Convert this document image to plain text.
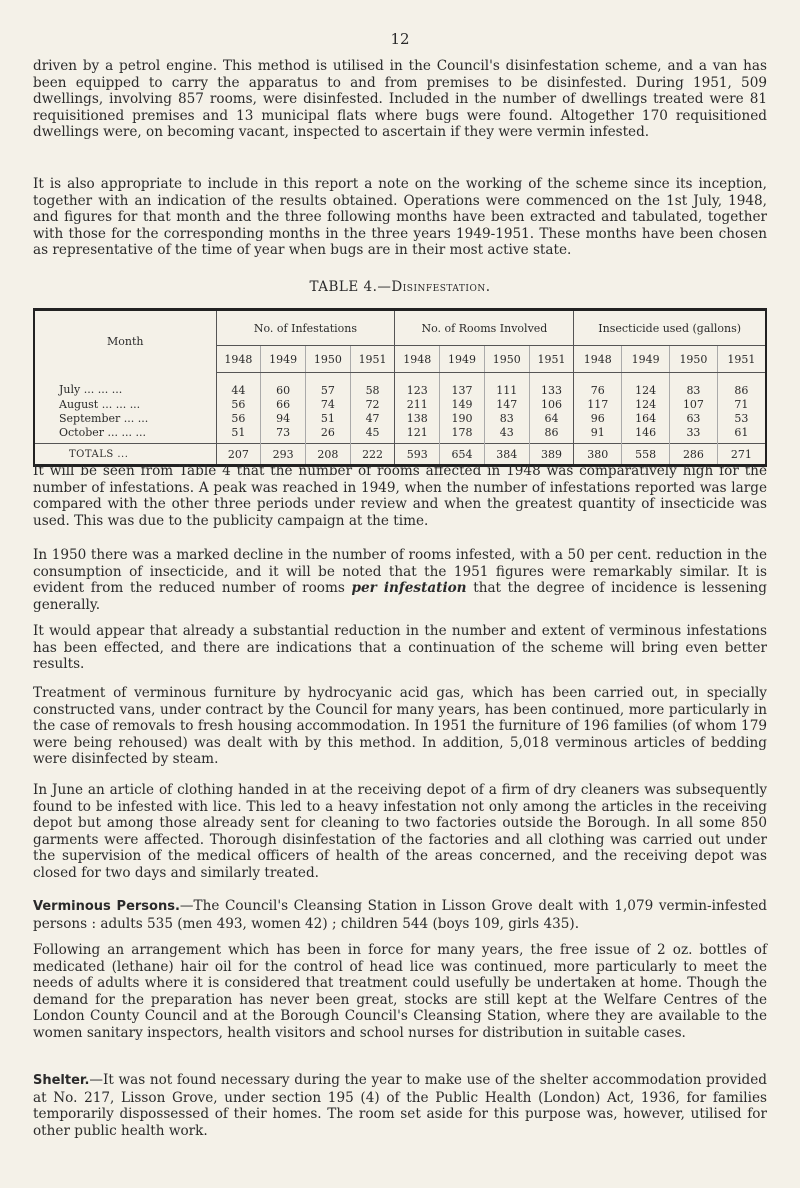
12

driven by a petrol engine. This method is utilised in the Council's disinfestation scheme, and a van has been equipped to carry the apparatus to and from premises to be disinfested. During 1951, 509 dwellings, involving 857 rooms, were disinfested. Included in the number of dwellings treated were 81 requisitioned premises and 13 municipal flats where bugs were found. Altogether 170 requisitioned dwellings were, on becoming vacant, inspected to ascertain if they were vermin infested.

It is also appropriate to include in this report a note on the working of the scheme since its inception, together with an indication of the results obtained. Operations were commenced on the 1st July, 1948, and figures for that month and the three following months have been extracted and tabulated, together with those for the corresponding months in the three years 1949-1951. These months have been chosen as representative of the time of year when bugs are in their most active state.

TABLE 4.—Disinfestation.
Month	No. of Infestations				No. of Rooms Involved				Insecticide used (gallons)			
	1948	1949	1950	1951	1948	1949	1950	1951	1948	1949	1950	1951
July ... ... ...	44	60	57	58	123	137	111	133	76	124	83	86
August ... ... ...	56	66	74	72	211	149	147	106	117	124	107	71
September ... ...	56	94	51	47	138	190	83	64	96	164	63	53
October ... ... ...	51	73	26	45	121	178	43	86	91	146	33	61
TOTALS ...	207	293	208	222	593	654	384	389	380	558	286	271

It will be seen from Table 4 that the number of rooms affected in 1948 was comparatively high for the number of infestations. A peak was reached in 1949, when the number of infestations reported was large compared with the other three periods under review and when the greatest quantity of insecticide was used. This was due to the publicity campaign at the time.

In 1950 there was a marked decline in the number of rooms infested, with a 50 per cent. reduction in the consumption of insecticide, and it will be noted that the 1951 figures were remarkably similar. It is evident from the reduced number of rooms per infestation that the degree of incidence is lessening generally.

It would appear that already a substantial reduction in the number and extent of verminous infestations has been effected, and there are indications that a continuation of the scheme will bring even better results.

Treatment of verminous furniture by hydrocyanic acid gas, which has been carried out, in specially constructed vans, under contract by the Council for many years, has been continued, more particularly in the case of removals to fresh housing accommodation. In 1951 the furniture of 196 families (of whom 179 were being rehoused) was dealt with by this method. In addition, 5,018 verminous articles of bedding were disinfected by steam.

In June an article of clothing handed in at the receiving depot of a firm of dry cleaners was subsequently found to be infested with lice. This led to a heavy infestation not only among the articles in the receiving depot but among those already sent for cleaning to two factories outside the Borough. In all some 850 garments were affected. Thorough disinfestation of the factories and all clothing was carried out under the supervision of the medical officers of health of the areas concerned, and the receiving depot was closed for two days and similarly treated.

Verminous Persons.—The Council's Cleansing Station in Lisson Grove dealt with 1,079 vermin-infested persons : adults 535 (men 493, women 42) ; children 544 (boys 109, girls 435).

Following an arrangement which has been in force for many years, the free issue of 2 oz. bottles of medicated (lethane) hair oil for the control of head lice was continued, more particularly to meet the needs of adults where it is considered that treatment could usefully be undertaken at home. Though the demand for the preparation has never been great, stocks are still kept at the Welfare Centres of the London County Council and at the Borough Council's Cleansing Station, where they are available to the women sanitary inspectors, health visitors and school nurses for distribution in suitable cases.

Shelter.—It was not found necessary during the year to make use of the shelter accommodation provided at No. 217, Lisson Grove, under section 195 (4) of the Public Health (London) Act, 1936, for families temporarily dispossessed of their homes. The room set aside for this purpose was, however, utilised for other public health work.
